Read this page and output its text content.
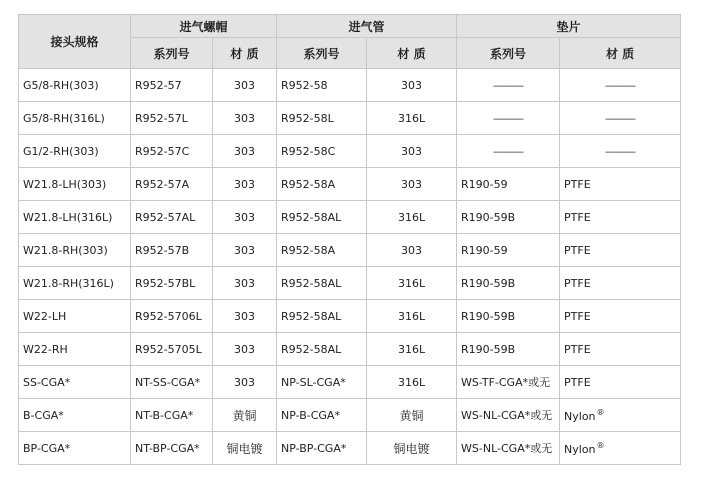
接头规格	进气螺帽		进气管		垫片	
	系列号	材 质	系列号	材 质	系列号	材 质
G5/8-RH(303)	R952-57	303	R952-58	303	———	———
G5/8-RH(316L)	R952-57L	303	R952-58L	316L	———	———
G1/2-RH(303)	R952-57C	303	R952-58C	303	———	———
W21.8-LH(303)	R952-57A	303	R952-58A	303	R190-59	PTFE
W21.8-LH(316L)	R952-57AL	303	R952-58AL	316L	R190-59B	PTFE
W21.8-RH(303)	R952-57B	303	R952-58A	303	R190-59	PTFE
W21.8-RH(316L)	R952-57BL	303	R952-58AL	316L	R190-59B	PTFE
W22-LH	R952-5706L	303	R952-58AL	316L	R190-59B	PTFE
W22-RH	R952-5705L	303	R952-58AL	316L	R190-59B	PTFE
SS-CGA*	NT-SS-CGA*	303	NP-SL-CGA*	316L	WS-TF-CGA*或无	PTFE
B-CGA*	NT-B-CGA*	黄铜	NP-B-CGA*	黄铜	WS-NL-CGA*或无	Nylon®
BP-CGA*	NT-BP-CGA*	铜电镀	NP-BP-CGA*	铜电镀	WS-NL-CGA*或无	Nylon®
